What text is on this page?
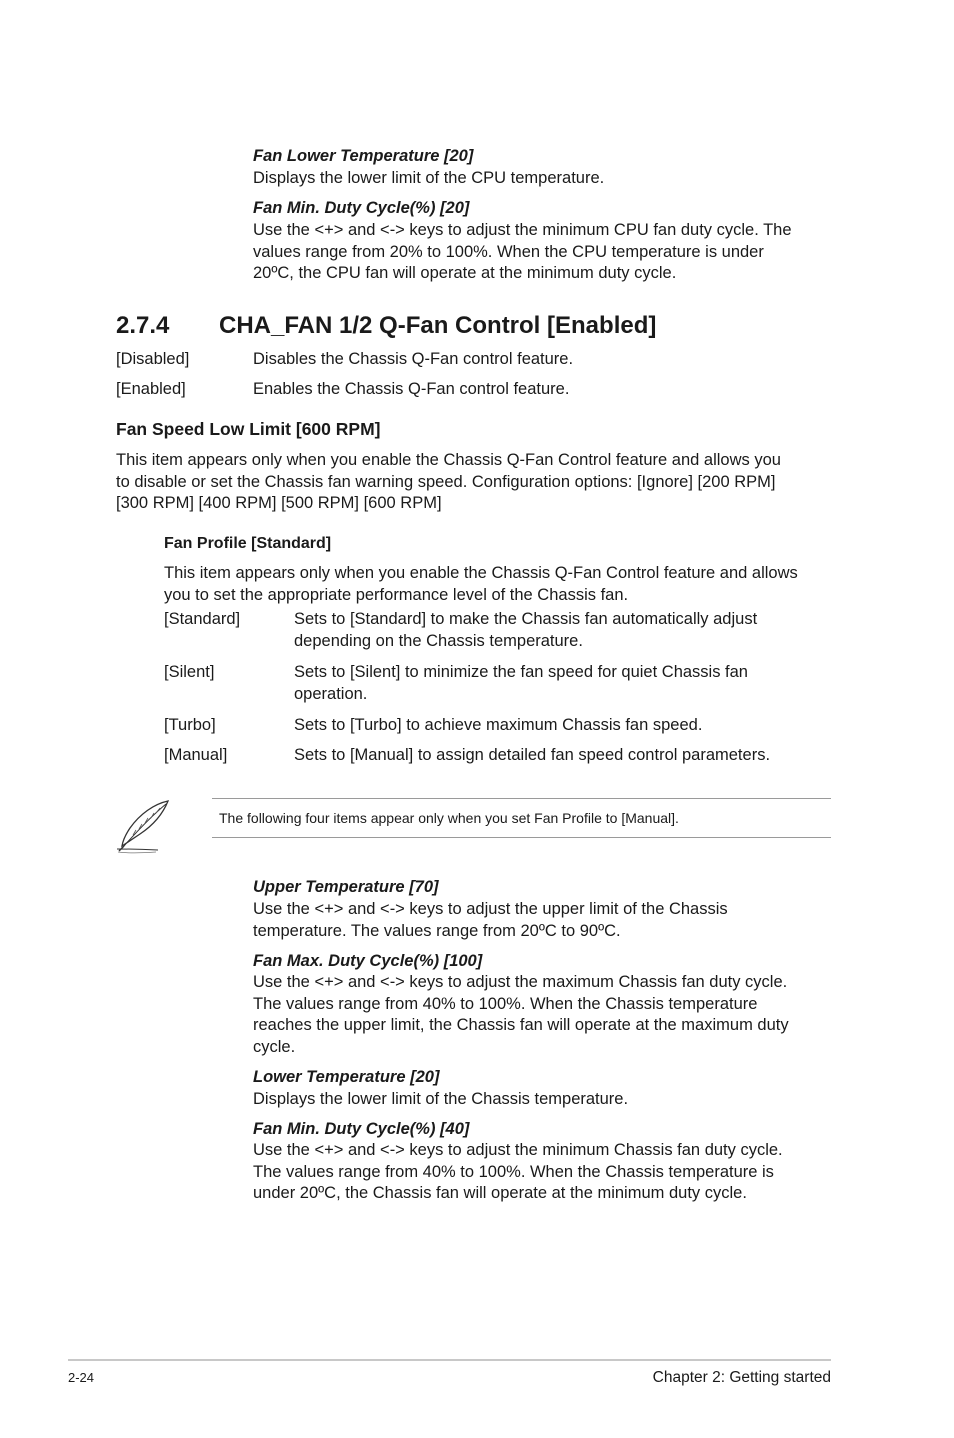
Fan Lower Temperature [20]
Displays the lower limit of the CPU temperature.
Fan Min. Duty Cycle(%) [20]
Use the <+> and <-> keys to adjust the minimum CPU fan duty cycle. The
values range from 20% to 100%. When the CPU temperature is under
20ºC, the CPU fan will operate at the minimum duty cycle.
2.7.4 CHA_FAN 1/2 Q-Fan Control [Enabled]
[Disabled]	Disables the Chassis Q-Fan control feature.
[Enabled]	Enables the Chassis Q-Fan control feature.
Fan Speed Low Limit [600 RPM]
This item appears only when you enable the Chassis Q-Fan Control feature and allows you
to disable or set the Chassis fan warning speed. Configuration options: [Ignore] [200 RPM]
[300 RPM] [400 RPM] [500 RPM] [600 RPM]
Fan Profile [Standard]
This item appears only when you enable the Chassis Q-Fan Control feature and allows
you to set the appropriate performance level of the Chassis fan.
[Standard]	Sets to [Standard] to make the Chassis fan automatically adjust
depending on the Chassis temperature.
[Silent]	Sets to [Silent] to minimize the fan speed for quiet Chassis fan
operation.
[Turbo]	Sets to [Turbo] to achieve maximum Chassis fan speed.
[Manual]	Sets to [Manual] to assign detailed fan speed control parameters.
The following four items appear only when you set Fan Profile to [Manual].
Upper Temperature [70]
Use the <+> and <-> keys to adjust the upper limit of the Chassis
temperature. The values range from 20ºC to 90ºC.
Fan Max. Duty Cycle(%) [100]
Use the <+> and <-> keys to adjust the maximum Chassis fan duty cycle.
The values range from 40% to 100%. When the Chassis temperature
reaches the upper limit, the Chassis fan will operate at the maximum duty
cycle.
Lower Temperature [20]
Displays the lower limit of the Chassis temperature.
Fan Min. Duty Cycle(%) [40]
Use the <+> and <-> keys to adjust the minimum Chassis fan duty cycle.
The values range from 40% to 100%. When the Chassis temperature is
under 20ºC, the Chassis fan will operate at the minimum duty cycle.
2-24	Chapter 2: Getting started
